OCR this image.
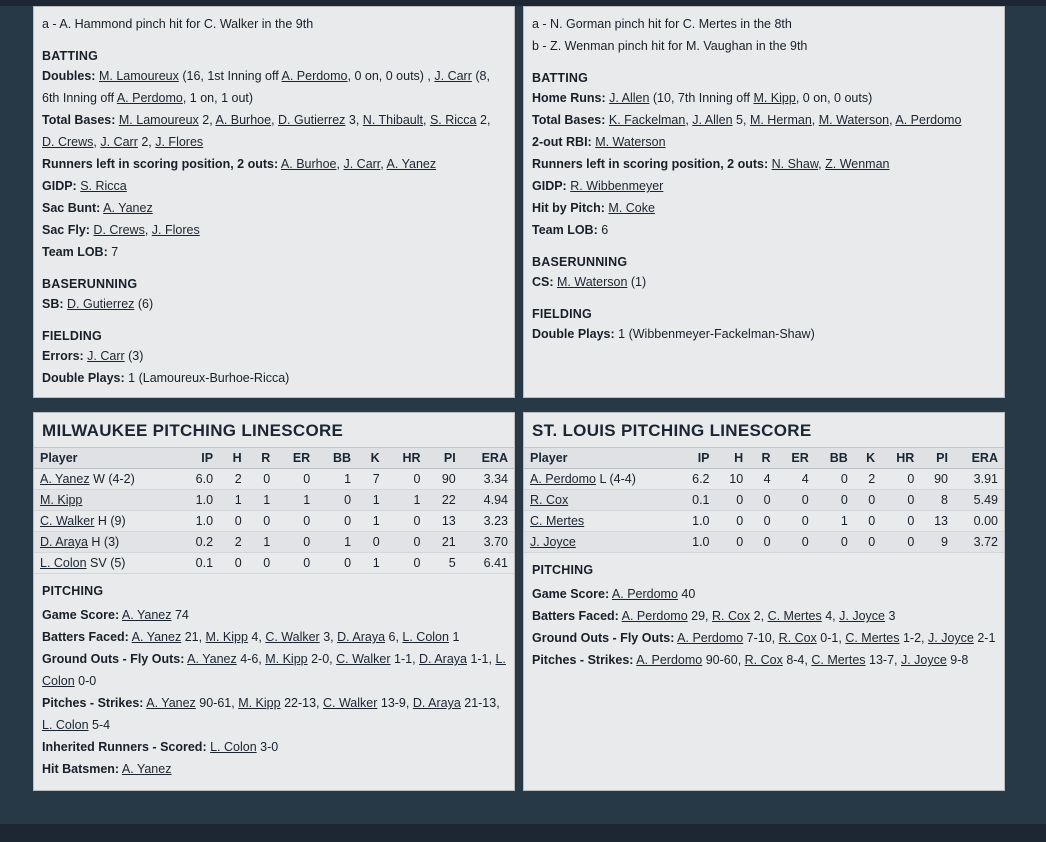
a - A. Hammond pinch hit for C. Walker in the 9th
BATTING
Doubles: M. Lamoureux (16, 1st Inning off A. Perdomo, 0 on, 0 outs) , J. Carr (8, 6th Inning off A. Perdomo, 1 on, 1 out)
Total Bases: M. Lamoureux 2, A. Burhoe, D. Gutierrez 3, N. Thibault, S. Ricca 2, D. Crews, J. Carr 2, J. Flores
Runners left in scoring position, 2 outs: A. Burhoe, J. Carr, A. Yanez
GIDP: S. Ricca
Sac Bunt: A. Yanez
Sac Fly: D. Crews, J. Flores
Team LOB: 7
BASERUNNING
SB: D. Gutierrez (6)
FIELDING
Errors: J. Carr (3)
Double Plays: 1 (Lamoureux-Burhoe-Ricca)
a - N. Gorman pinch hit for C. Mertes in the 8th
b - Z. Wenman pinch hit for M. Vaughan in the 9th
BATTING
Home Runs: J. Allen (10, 7th Inning off M. Kipp, 0 on, 0 outs)
Total Bases: K. Fackelman, J. Allen 5, M. Herman, M. Waterson, A. Perdomo
2-out RBI: M. Waterson
Runners left in scoring position, 2 outs: N. Shaw, Z. Wenman
GIDP: R. Wibbenmeyer
Hit by Pitch: M. Coke
Team LOB: 6
BASERUNNING
CS: M. Waterson (1)
FIELDING
Double Plays: 1 (Wibbenmeyer-Fackelman-Shaw)
MILWAUKEE PITCHING LINESCORE
Player	IP	H	R	ER	BB	K	HR	PI	ERA
A. Yanez W (4-2)	6.0	2	0	0	1	7	0	90	3.34
M. Kipp	1.0	1	1	1	0	1	1	22	4.94
C. Walker H (9)	1.0	0	0	0	0	1	0	13	3.23
D. Araya H (3)	0.2	2	1	0	1	0	0	21	3.70
L. Colon SV (5)	0.1	0	0	0	0	1	0	5	6.41
PITCHING
Game Score: A. Yanez 74
Batters Faced: A. Yanez 21, M. Kipp 4, C. Walker 3, D. Araya 6, L. Colon 1
Ground Outs - Fly Outs: A. Yanez 4-6, M. Kipp 2-0, C. Walker 1-1, D. Araya 1-1, L. Colon 0-0
Pitches - Strikes: A. Yanez 90-61, M. Kipp 22-13, C. Walker 13-9, D. Araya 21-13, L. Colon 5-4
Inherited Runners - Scored: L. Colon 3-0
Hit Batsmen: A. Yanez
ST. LOUIS PITCHING LINESCORE
Player	IP	H	R	ER	BB	K	HR	PI	ERA
A. Perdomo L (4-4)	6.2	10	4	4	0	2	0	90	3.91
R. Cox	0.1	0	0	0	0	0	0	8	5.49
C. Mertes	1.0	0	0	0	1	0	0	13	0.00
J. Joyce	1.0	0	0	0	0	0	0	9	3.72
PITCHING
Game Score: A. Perdomo 40
Batters Faced: A. Perdomo 29, R. Cox 2, C. Mertes 4, J. Joyce 3
Ground Outs - Fly Outs: A. Perdomo 7-10, R. Cox 0-1, C. Mertes 1-2, J. Joyce 2-1
Pitches - Strikes: A. Perdomo 90-60, R. Cox 8-4, C. Mertes 13-7, J. Joyce 9-8
